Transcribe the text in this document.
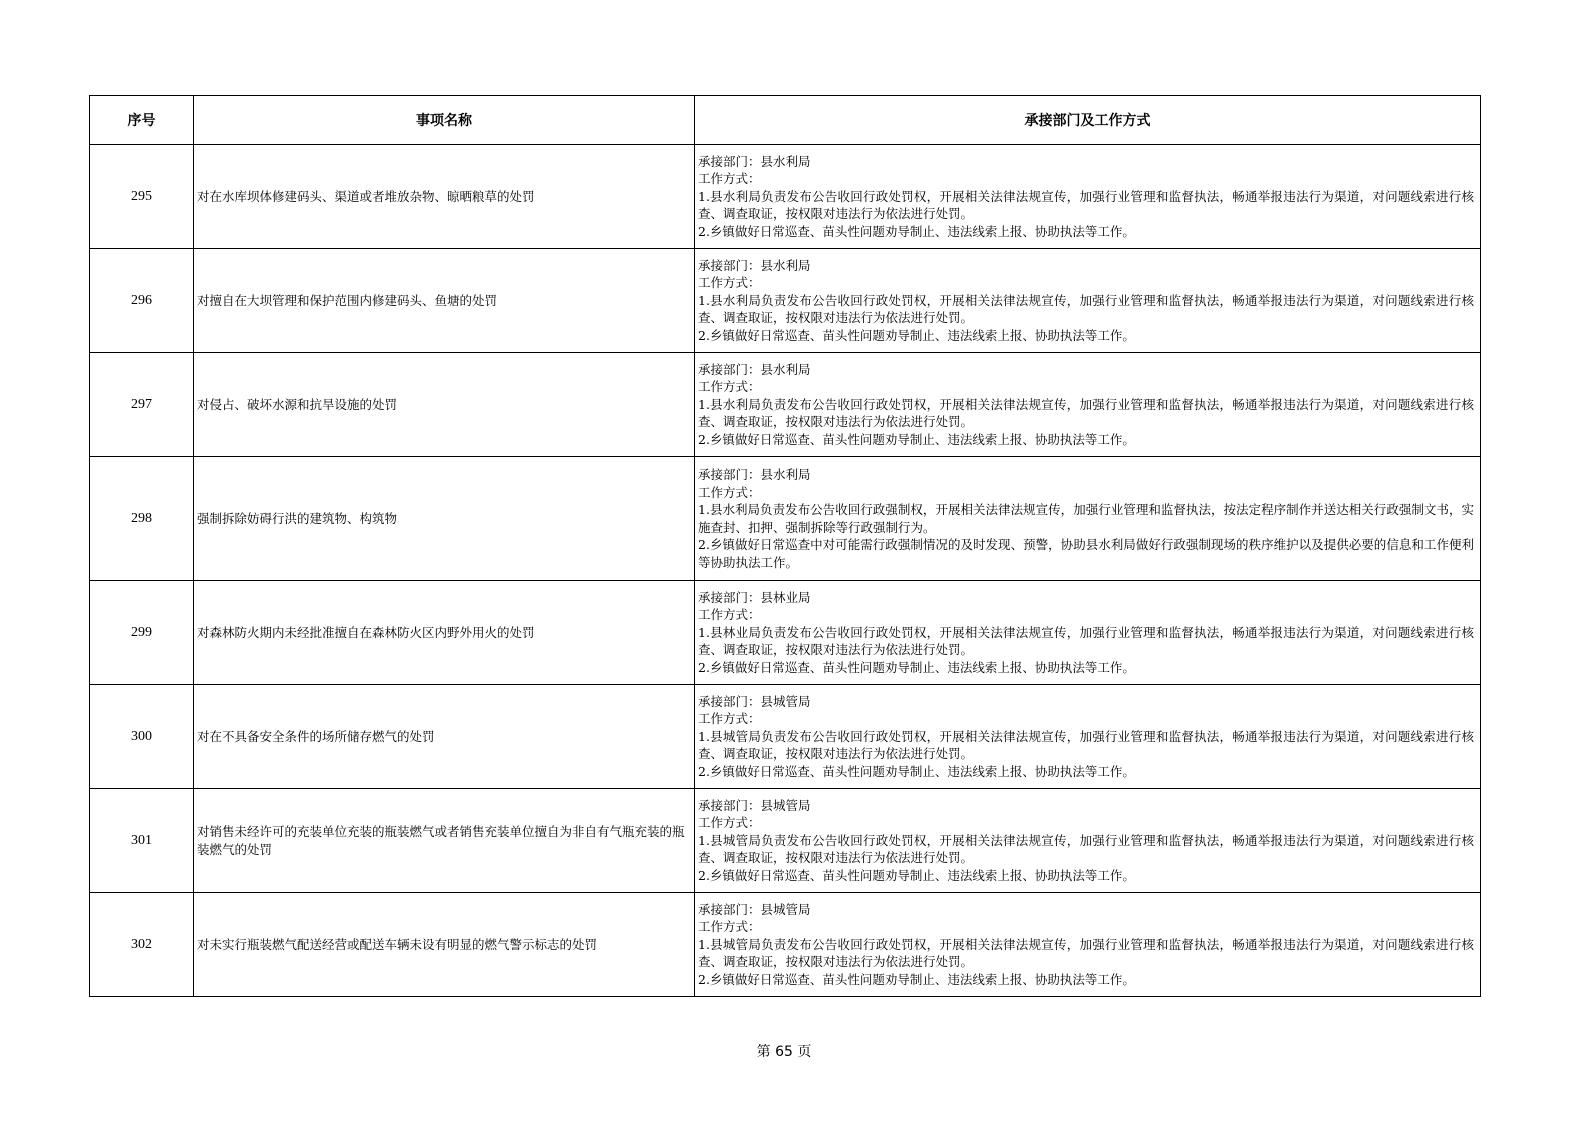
序号	事项名称	承接部门及工作方式
295	对在水库坝体修建码头、渠道或者堆放杂物、晾晒粮草的处罚	承接部门：县水利局
工作方式：
1.县水利局负责发布公告收回行政处罚权，开展相关法律法规宣传，加强行业管理和监督执法，畅通举报违法行为渠道，对问题线索进行核查、调查取证，按权限对违法行为依法进行处罚。
2.乡镇做好日常巡查、苗头性问题劝导制止、违法线索上报、协助执法等工作。

296	对擅自在大坝管理和保护范围内修建码头、鱼塘的处罚	承接部门：县水利局
工作方式：
1.县水利局负责发布公告收回行政处罚权，开展相关法律法规宣传，加强行业管理和监督执法，畅通举报违法行为渠道，对问题线索进行核查、调查取证，按权限对违法行为依法进行处罚。
2.乡镇做好日常巡查、苗头性问题劝导制止、违法线索上报、协助执法等工作。

297	对侵占、破坏水源和抗旱设施的处罚	承接部门：县水利局
工作方式：
1.县水利局负责发布公告收回行政处罚权，开展相关法律法规宣传，加强行业管理和监督执法，畅通举报违法行为渠道，对问题线索进行核查、调查取证，按权限对违法行为依法进行处罚。
2.乡镇做好日常巡查、苗头性问题劝导制止、违法线索上报、协助执法等工作。

298	强制拆除妨碍行洪的建筑物、构筑物	承接部门：县水利局
工作方式：
1.县水利局负责发布公告收回行政强制权，开展相关法律法规宣传，加强行业管理和监督执法，按法定程序制作并送达相关行政强制文书，实施查封、扣押、强制拆除等行政强制行为。
2.乡镇做好日常巡查中对可能需行政强制情况的及时发现、预警，协助县水利局做好行政强制现场的秩序维护以及提供必要的信息和工作便利等协助执法工作。

299	对森林防火期内未经批准擅自在森林防火区内野外用火的处罚	承接部门：县林业局
工作方式：
1.县林业局负责发布公告收回行政处罚权，开展相关法律法规宣传，加强行业管理和监督执法，畅通举报违法行为渠道，对问题线索进行核查、调查取证，按权限对违法行为依法进行处罚。
2.乡镇做好日常巡查、苗头性问题劝导制止、违法线索上报、协助执法等工作。

300	对在不具备安全条件的场所储存燃气的处罚	承接部门：县城管局
工作方式：
1.县城管局负责发布公告收回行政处罚权，开展相关法律法规宣传，加强行业管理和监督执法，畅通举报违法行为渠道，对问题线索进行核查、调查取证，按权限对违法行为依法进行处罚。
2.乡镇做好日常巡查、苗头性问题劝导制止、违法线索上报、协助执法等工作。

301	对销售未经许可的充装单位充装的瓶装燃气或者销售充装单位擅自为非自有气瓶充装的瓶装燃气的处罚	承接部门：县城管局
工作方式：
1.县城管局负责发布公告收回行政处罚权，开展相关法律法规宣传，加强行业管理和监督执法，畅通举报违法行为渠道，对问题线索进行核查、调查取证，按权限对违法行为依法进行处罚。
2.乡镇做好日常巡查、苗头性问题劝导制止、违法线索上报、协助执法等工作。

302	对未实行瓶装燃气配送经营或配送车辆未设有明显的燃气警示标志的处罚	承接部门：县城管局
工作方式：
1.县城管局负责发布公告收回行政处罚权，开展相关法律法规宣传，加强行业管理和监督执法，畅通举报违法行为渠道，对问题线索进行核查、调查取证，按权限对违法行为依法进行处罚。
2.乡镇做好日常巡查、苗头性问题劝导制止、违法线索上报、协助执法等工作。
第 65 页
